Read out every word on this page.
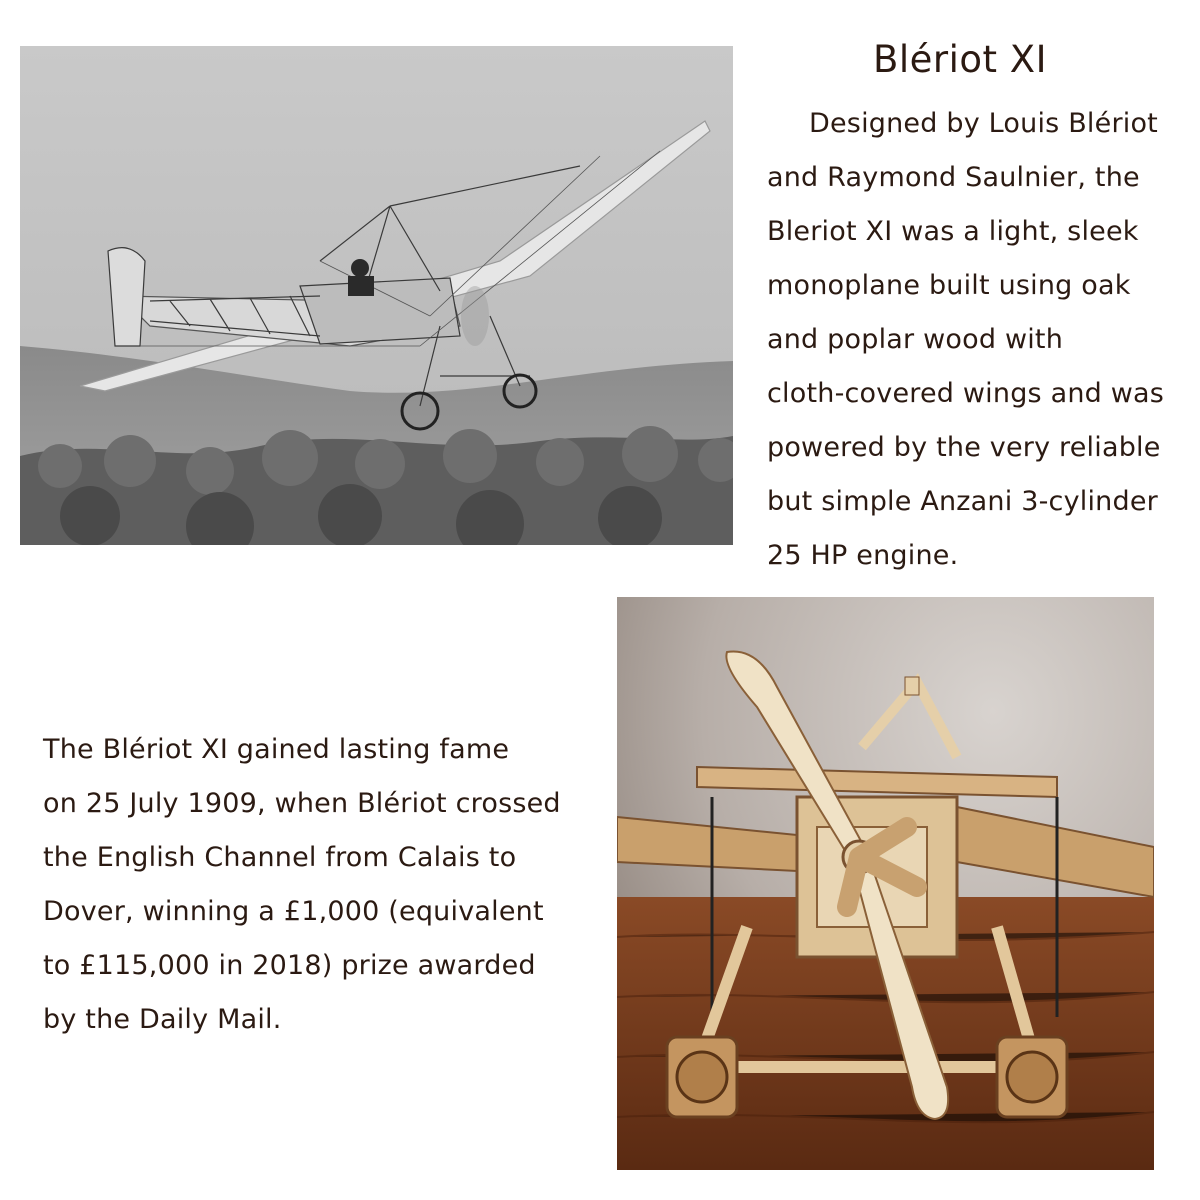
Blériot XI

Designed by Louis Blériot
and Raymond Saulnier, the
Bleriot XI was a light, sleek
monoplane built using oak
and poplar wood with
cloth-covered wings and was
powered by the very reliable
but simple Anzani 3-cylinder
25 HP engine.

The Blériot XI gained lasting fame
on 25 July 1909, when Blériot crossed
the English Channel from Calais to
Dover, winning a £1,000 (equivalent
to £115,000 in 2018) prize awarded
by the Daily Mail.
